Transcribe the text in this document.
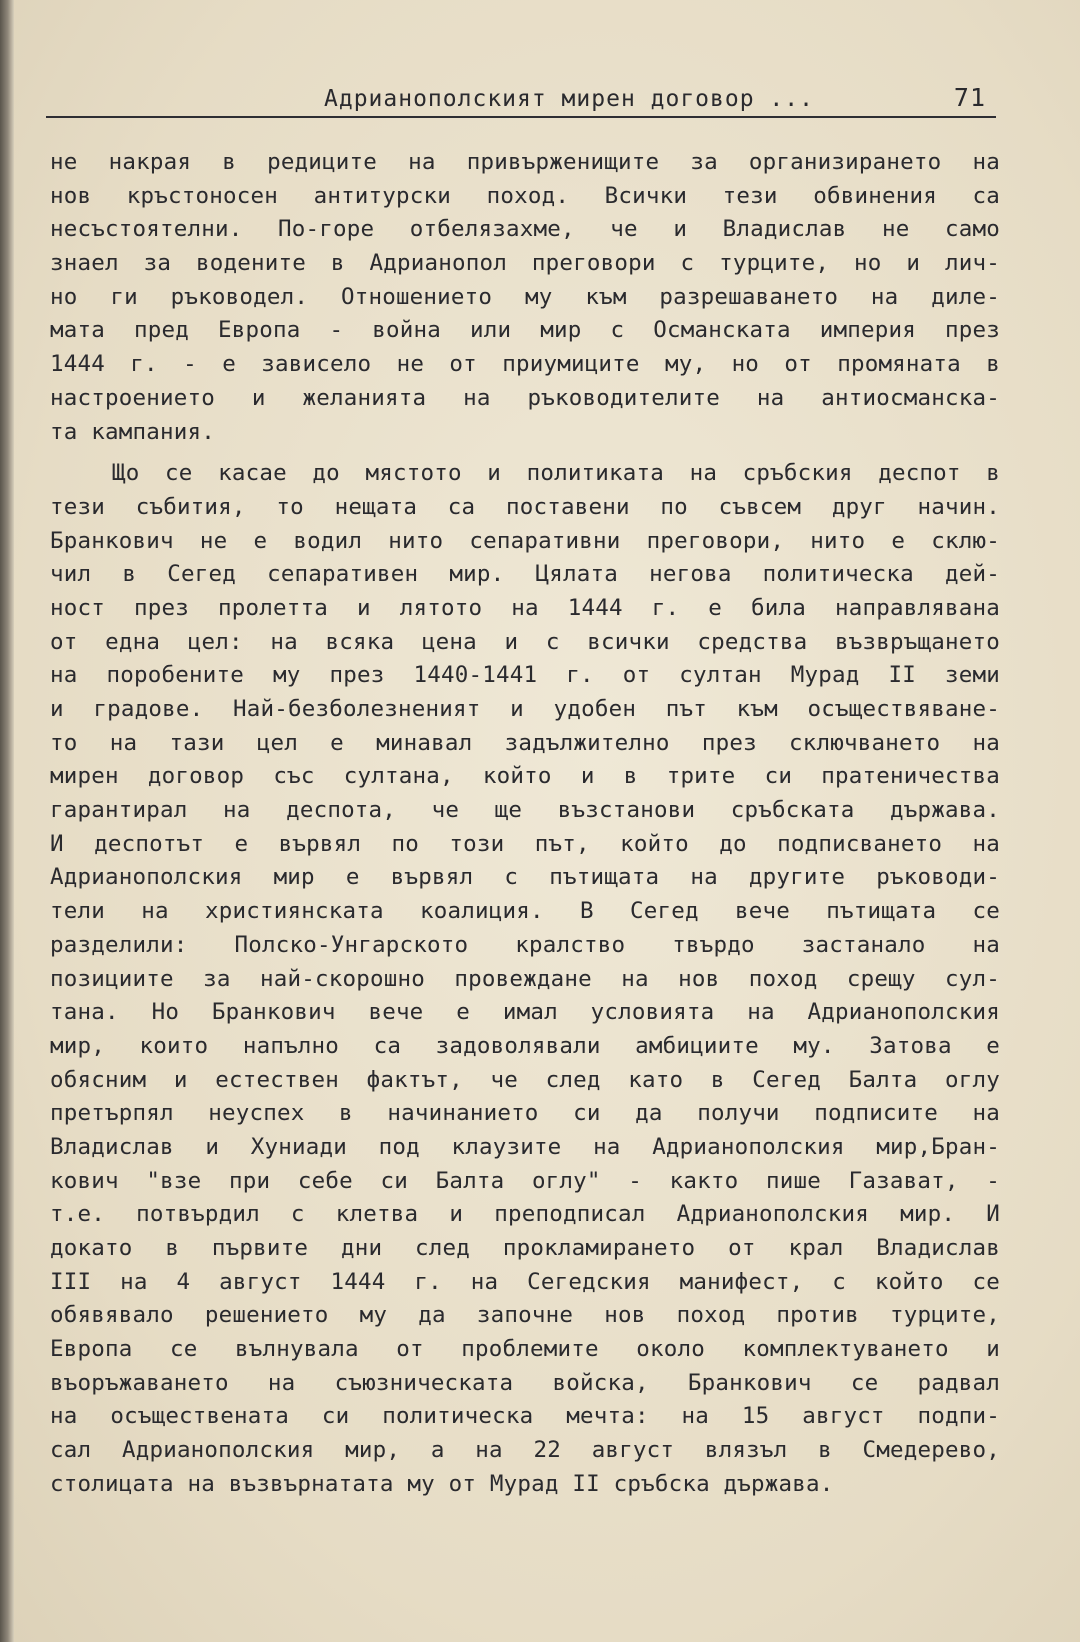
Адрианополският мирен договор ...	71
не накрая в редиците на привърженищите за организирането на
нов кръстоносен антитурски поход. Всички тези обвинения са
несъстоятелни. По-горе отбелязахме, че и Владислав не само
знаел за водените в Адрианопол преговори с турците, но и лич-
но ги ръководел. Отношението му към разрешаването на диле-
мата пред Европа - война или мир с Османската империя през
1444 г. - е зависело не от приумиците му, но от промяната в
настроението и желанията на ръководителите на антиосманска-
та кампания.
Що се касае до мястото и политиката на сръбския деспот в
тези събития, то нещата са поставени по съвсем друг начин.
Бранкович не е водил нито сепаративни преговори, нито е склю-
чил в Сегед сепаративен мир. Цялата негова политическа дей-
ност през пролетта и лятото на 1444 г. е била направлявана
от една цел: на всяка цена и с всички средства възвръщането
на поробените му през 1440-1441 г. от султан Мурад II земи
и градове. Най-безболезненият и удобен път към осъществяване-
то на тази цел е минавал задължително през сключването на
мирен договор със султана, който и в трите си пратеничества
гарантирал на деспота, че ще възстанови сръбската държава.
И деспотът е вървял по този път, който до подписването на
Адрианополския мир е вървял с пътищата на другите ръководи-
тели на християнската коалиция. В Сегед вече пътищата се
разделили: Полско-Унгарското кралство твърдо застанало на
позициите за най-скорошно провеждане на нов поход срещу сул-
тана. Но Бранкович вече е имал условията на Адрианополския
мир, които напълно са задоволявали амбициите му. Затова е
обясним и естествен фактът, че след като в Сегед Балта оглу
претърпял неуспех в начинанието си да получи подписите на
Владислав и Хуниади под клаузите на Адрианополския мир,Бран-
кович "взе при себе си Балта оглу" - както пише Газават, -
т.е. потвърдил с клетва и преподписал Адрианополския мир. И
докато в първите дни след прокламирането от крал Владислав
III на 4 август 1444 г. на Сегедския манифест, с който се
обявявало решението му да започне нов поход против турците,
Европа се вълнувала от проблемите около комплектуването и
въоръжаването на съюзническата войска, Бранкович се радвал
на осъществената си политическа мечта: на 15 август подпи-
сал Адрианополския мир, а на 22 август влязъл в Смедерево,
столицата на възвърнатата му от Мурад II сръбска държава.
